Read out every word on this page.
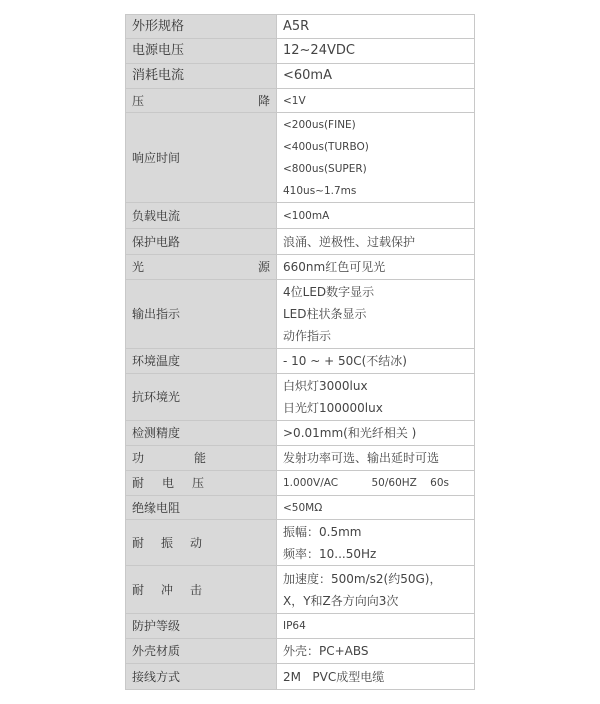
外形规格	A5R

电源电压	12~24VDC

消耗电流	<60mA

压 降	<1V

响应时间	<200us(FINE)
<400us(TURBO)
<800us(SUPER)
410us~1.7ms

负载电流	<100mA

保护电路	浪涌、逆极性、过载保护

光 源	660nm红色可见光

输出指示	4位LED数字显示
LED柱状条显示
动作指示

环境温度	- 10 ~ + 50C(不结冰)

抗环境光	白炽灯3000lux
日光灯100000lux

检测精度	>0.01mm(和光纤相关 )

功 能	发射功率可选、输出延时可选

耐 电 压	1.000V/AC          50/60HZ    60s

绝缘电阻	<50MΩ

耐 振 动	振幅：0.5mm
频率：10...50Hz

耐 冲 击	加速度：500m/s2(约50G)，
X，Y和Z各方向向3次

防护等级	IP64

外壳材质	外壳：PC+ABS

接线方式	2M   PVC成型电缆
